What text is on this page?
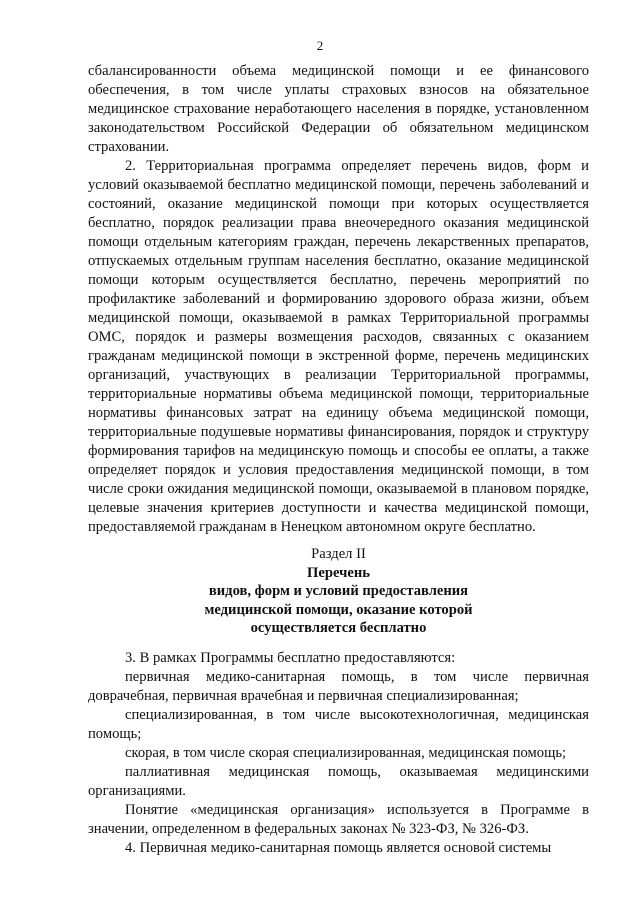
2

сбалансированности объема медицинской помощи и ее финансового обеспечения, в том числе уплаты страховых взносов на обязательное медицинское страхование неработающего населения в порядке, установленном законодательством Российской Федерации об обязательном медицинском страховании.

2. Территориальная программа определяет перечень видов, форм и условий оказываемой бесплатно медицинской помощи, перечень заболеваний и состояний, оказание медицинской помощи при которых осуществляется бесплатно, порядок реализации права внеочередного оказания медицинской помощи отдельным категориям граждан, перечень лекарственных препаратов, отпускаемых отдельным группам населения бесплатно, оказание медицинской помощи которым осуществляется бесплатно, перечень мероприятий по профилактике заболеваний и формированию здорового образа жизни, объем медицинской помощи, оказываемой в рамках Территориальной программы ОМС, порядок и размеры возмещения расходов, связанных с оказанием гражданам медицинской помощи в экстренной форме, перечень медицинских организаций, участвующих в реализации Территориальной программы, территориальные нормативы объема медицинской помощи, территориальные нормативы финансовых затрат на единицу объема медицинской помощи, территориальные подушевые нормативы финансирования, порядок и структуру формирования тарифов на медицинскую помощь и способы ее оплаты, а также определяет порядок и условия предоставления медицинской помощи, в том числе сроки ожидания медицинской помощи, оказываемой в плановом порядке, целевые значения критериев доступности и качества медицинской помощи, предоставляемой гражданам в Ненецком автономном округе бесплатно.

Раздел II
Перечень
видов, форм и условий предоставления
медицинской помощи, оказание которой
осуществляется бесплатно

3. В рамках Программы бесплатно предоставляются:

первичная медико-санитарная помощь, в том числе первичная доврачебная, первичная врачебная и первичная специализированная;

специализированная, в том числе высокотехнологичная, медицинская помощь;

скорая, в том числе скорая специализированная, медицинская помощь;

паллиативная медицинская помощь, оказываемая медицинскими организациями.

Понятие «медицинская организация» используется в Программе в значении, определенном в федеральных законах № 323-ФЗ, № 326-ФЗ.

4. Первичная медико-санитарная помощь является основой системы
